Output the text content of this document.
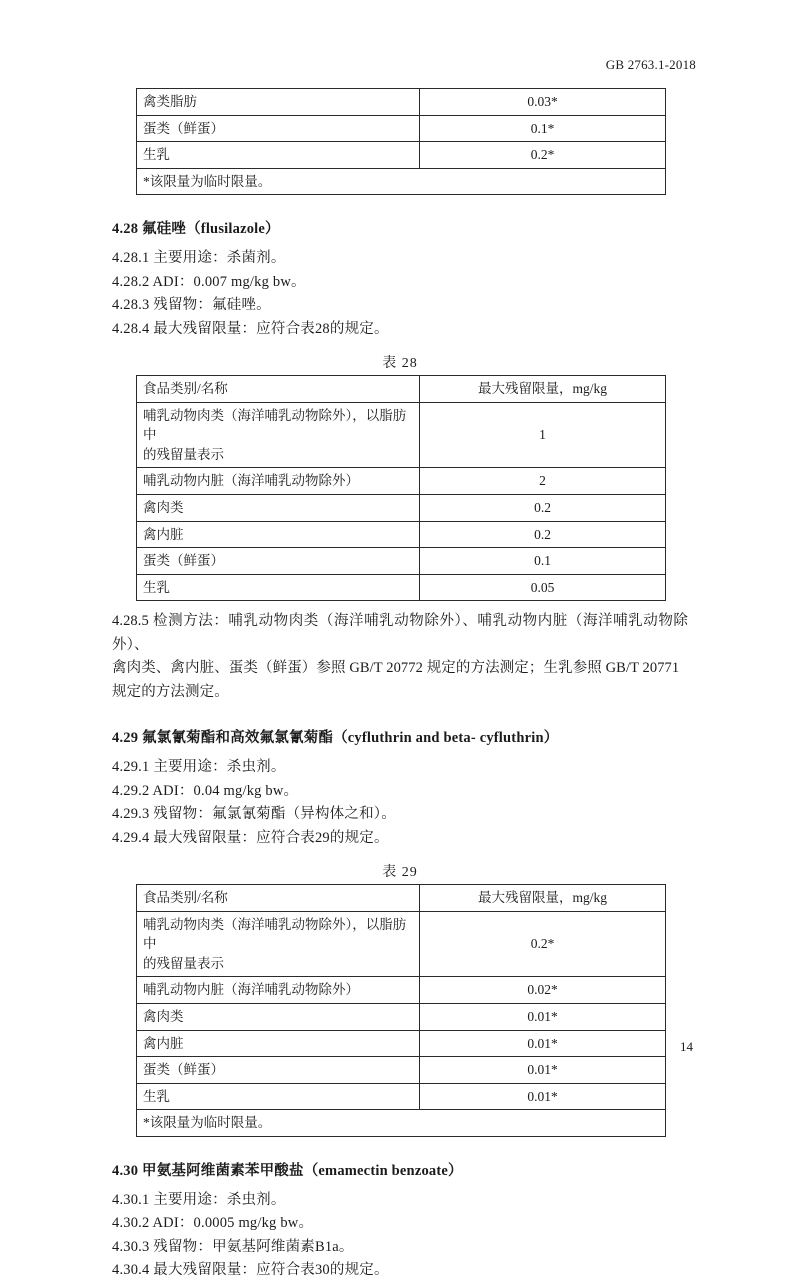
GB 2763.1-2018
禽类脂肪	0.03*
蛋类（鲜蛋）	0.1*
生乳	0.2*
*该限量为临时限量。	

4.28 氟硅唑（flusilazole）

4.28.1 主要用途：杀菌剂。

4.28.2 ADI：0.007 mg/kg bw。

4.28.3 残留物：氟硅唑。

4.28.4 最大残留限量：应符合表28的规定。

表 28

食品类别/名称	最大残留限量，mg/kg
哺乳动物肉类（海洋哺乳动物除外），以脂肪中
的残留量表示	1
哺乳动物内脏（海洋哺乳动物除外）	2
禽肉类	0.2
禽内脏	0.2
蛋类（鲜蛋）	0.1
生乳	0.05

4.28.5 检测方法：哺乳动物肉类（海洋哺乳动物除外）、哺乳动物内脏（海洋哺乳动物除外）、

禽肉类、禽内脏、蛋类（鲜蛋）参照 GB/T 20772 规定的方法测定；生乳参照 GB/T 20771

规定的方法测定。

4.29 氟氯氰菊酯和高效氟氯氰菊酯（cyfluthrin and beta- cyfluthrin）

4.29.1 主要用途：杀虫剂。

4.29.2 ADI：0.04 mg/kg bw。

4.29.3 残留物：氟氯氰菊酯（异构体之和）。

4.29.4 最大残留限量：应符合表29的规定。

表 29

食品类别/名称	最大残留限量，mg/kg
哺乳动物肉类（海洋哺乳动物除外），以脂肪中
的残留量表示	0.2*
哺乳动物内脏（海洋哺乳动物除外）	0.02*
禽肉类	0.01*
禽内脏	0.01*
蛋类（鲜蛋）	0.01*
生乳	0.01*
*该限量为临时限量。	

4.30 甲氨基阿维菌素苯甲酸盐（emamectin benzoate）

4.30.1 主要用途：杀虫剂。

4.30.2 ADI：0.0005 mg/kg bw。

4.30.3 残留物：甲氨基阿维菌素B1a。

4.30.4 最大残留限量：应符合表30的规定。

14
